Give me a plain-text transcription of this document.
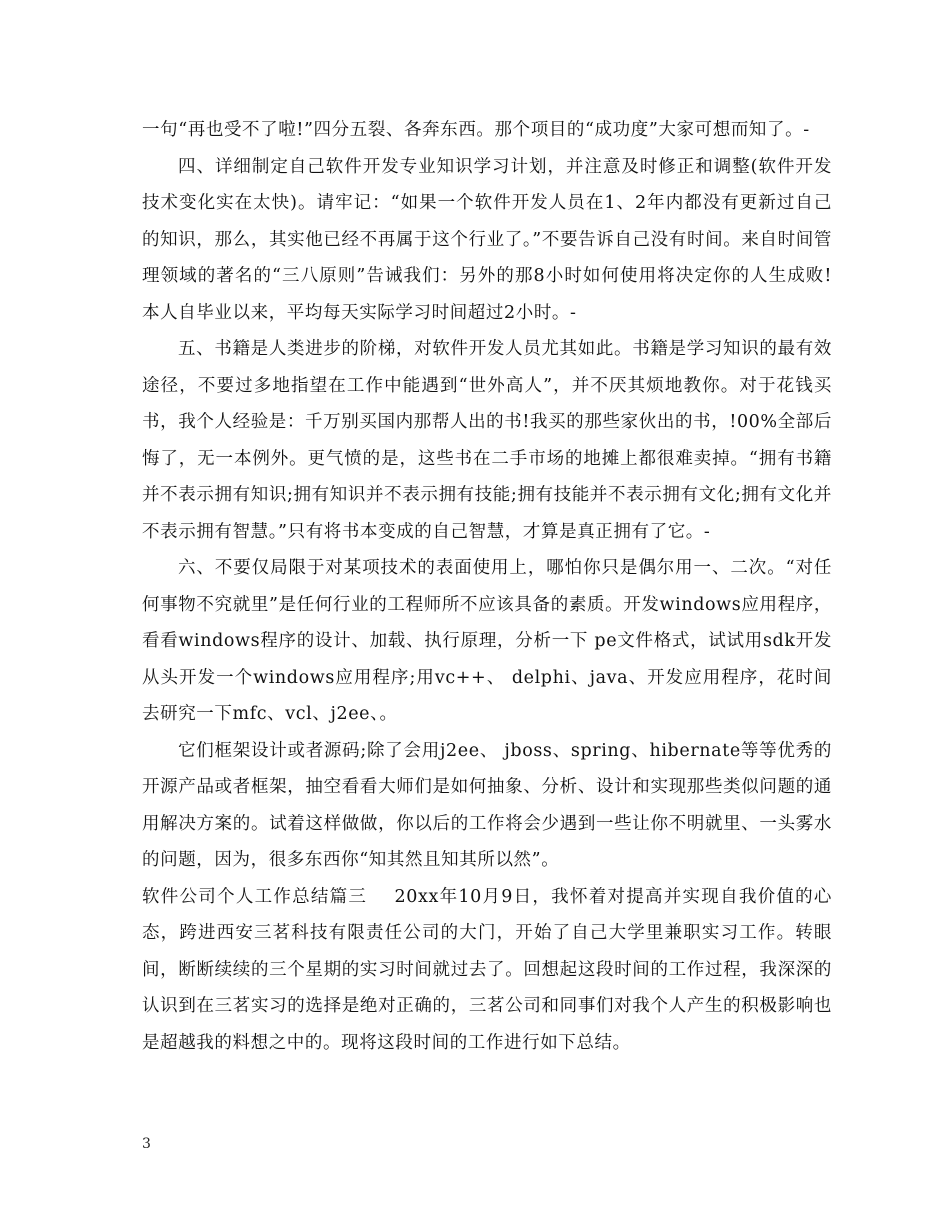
一句“再也受不了啦!”四分五裂、各奔东西。那个项目的“成功度”大家可想而知了。-

四、详细制定自己软件开发专业知识学习计划，并注意及时修正和调整(软件开发技术变化实在太快)。请牢记：“如果一个软件开发人员在1、2年内都没有更新过自己的知识，那么，其实他已经不再属于这个行业了。”不要告诉自己没有时间。来自时间管理领域的著名的“三八原则”告诫我们：另外的那8小时如何使用将决定你的人生成败!本人自毕业以来，平均每天实际学习时间超过2小时。-

五、书籍是人类进步的阶梯，对软件开发人员尤其如此。书籍是学习知识的最有效途径，不要过多地指望在工作中能遇到“世外高人”，并不厌其烦地教你。对于花钱买书，我个人经验是：千万别买国内那帮人出的书!我买的那些家伙出的书，!00%全部后悔了，无一本例外。更气愤的是，这些书在二手市场的地摊上都很难卖掉。“拥有书籍并不表示拥有知识;拥有知识并不表示拥有技能;拥有技能并不表示拥有文化;拥有文化并不表示拥有智慧。”只有将书本变成的自己智慧，才算是真正拥有了它。-

六、不要仅局限于对某项技术的表面使用上，哪怕你只是偶尔用一、二次。“对任何事物不究就里”是任何行业的工程师所不应该具备的素质。开发windows应用程序，看看windows程序的设计、加载、执行原理，分析一下 pe文件格式，试试用sdk开发从头开发一个windows应用程序;用vc++、 delphi、java、开发应用程序，花时间去研究一下mfc、vcl、j2ee、。

它们框架设计或者源码;除了会用j2ee、 jboss、spring、hibernate等等优秀的开源产品或者框架，抽空看看大师们是如何抽象、分析、设计和实现那些类似问题的通用解决方案的。试着这样做做，你以后的工作将会少遇到一些让你不明就里、一头雾水的问题，因为，很多东西你“知其然且知其所以然”。

软件公司个人工作总结篇三    20xx年10月9日，我怀着对提高并实现自我价值的心态，跨进西安三茗科技有限责任公司的大门，开始了自己大学里兼职实习工作。转眼间，断断续续的三个星期的实习时间就过去了。回想起这段时间的工作过程，我深深的认识到在三茗实习的选择是绝对正确的，三茗公司和同事们对我个人产生的积极影响也是超越我的料想之中的。现将这段时间的工作进行如下总结。

3
